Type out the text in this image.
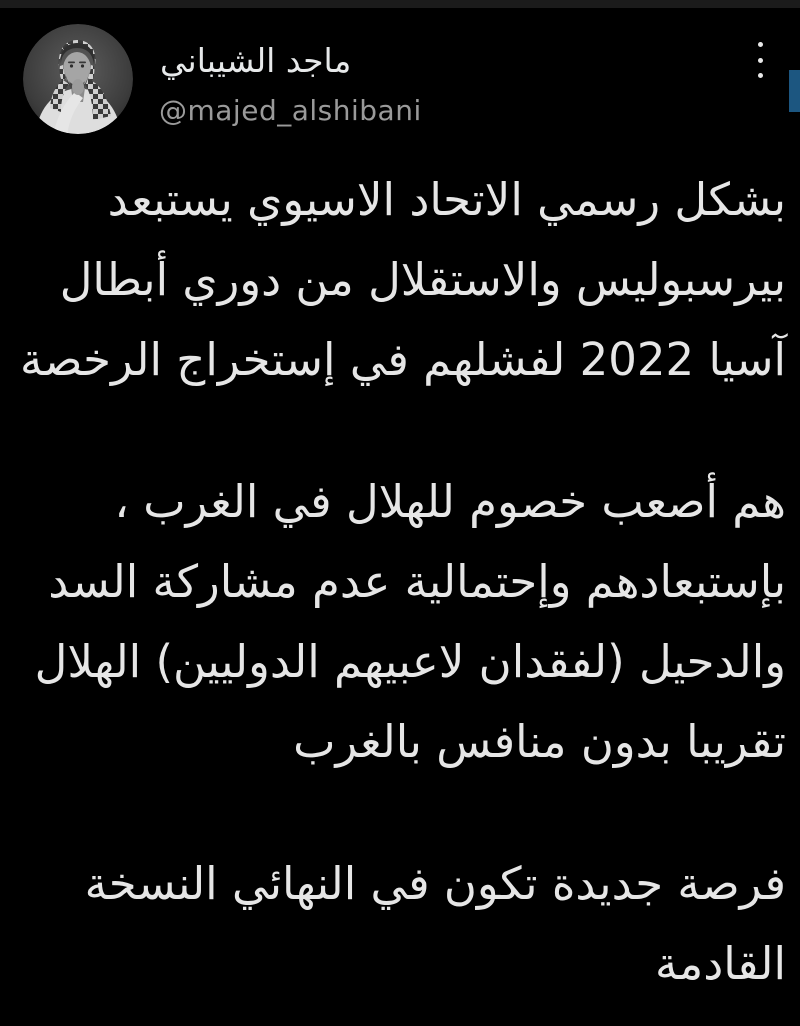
ماجد الشيباني
@majed_alshibani

بشكل رسمي الاتحاد الاسيوي يستبعد
بيرسبوليس والاستقلال من دوري أبطال
آسيا 2022 لفشلهم في إستخراج الرخصة

هم أصعب خصوم للهلال في الغرب ،
بإستبعادهم وإحتمالية عدم مشاركة السد
والدحيل (لفقدان لاعبيهم الدوليين) الهلال
تقريبا بدون منافس بالغرب

فرصة جديدة تكون في النهائي النسخة
القادمة
